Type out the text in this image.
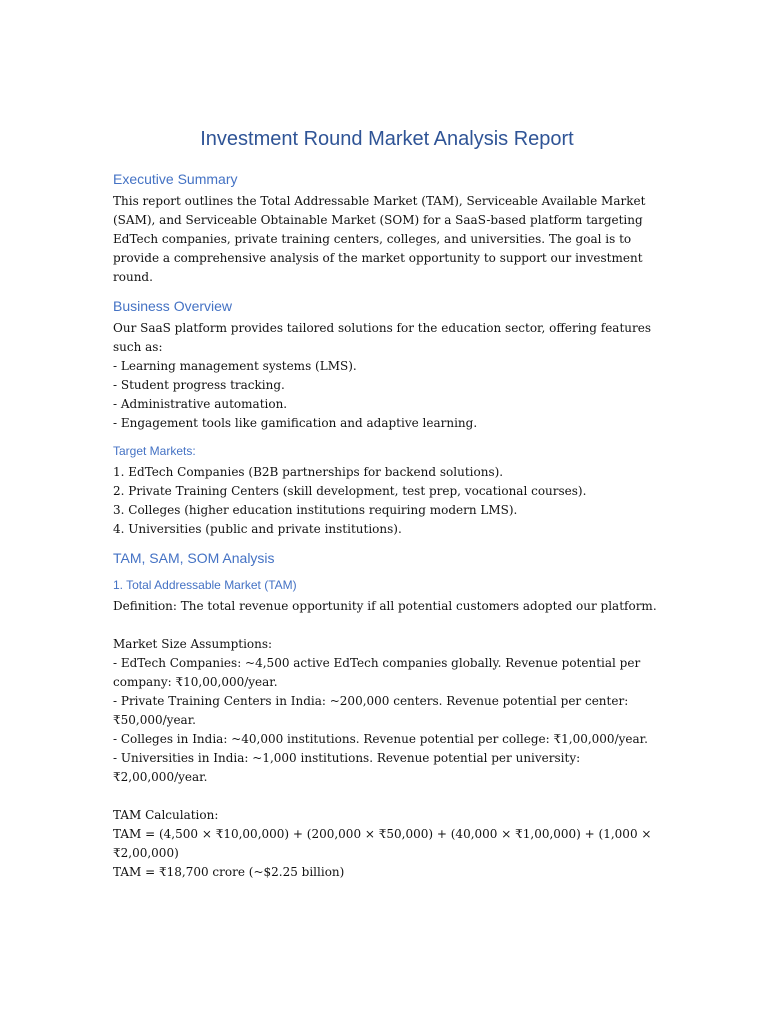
Investment Round Market Analysis Report
Executive Summary

This report outlines the Total Addressable Market (TAM), Serviceable Available Market (SAM), and Serviceable Obtainable Market (SOM) for a SaaS-based platform targeting EdTech companies, private training centers, colleges, and universities. The goal is to provide a comprehensive analysis of the market opportunity to support our investment round.

Business Overview

Our SaaS platform provides tailored solutions for the education sector, offering features such as:

- Learning management systems (LMS).
- Student progress tracking.
- Administrative automation.
- Engagement tools like gamification and adaptive learning.
Target Markets:
1. EdTech Companies (B2B partnerships for backend solutions).
2. Private Training Centers (skill development, test prep, vocational courses).
3. Colleges (higher education institutions requiring modern LMS).
4. Universities (public and private institutions).
TAM, SAM, SOM Analysis
1. Total Addressable Market (TAM)

Definition: The total revenue opportunity if all potential customers adopted our platform.

Market Size Assumptions:

- EdTech Companies: ~4,500 active EdTech companies globally. Revenue potential per company: ₹10,00,000/year.
- Private Training Centers in India: ~200,000 centers. Revenue potential per center: ₹50,000/year.
- Colleges in India: ~40,000 institutions. Revenue potential per college: ₹1,00,000/year.
- Universities in India: ~1,000 institutions. Revenue potential per university: ₹2,00,000/year.

TAM Calculation:

TAM = (4,500 × ₹10,00,000) + (200,000 × ₹50,000) + (40,000 × ₹1,00,000) + (1,000 × ₹2,00,000)

TAM = ₹18,700 crore (~$2.25 billion)
